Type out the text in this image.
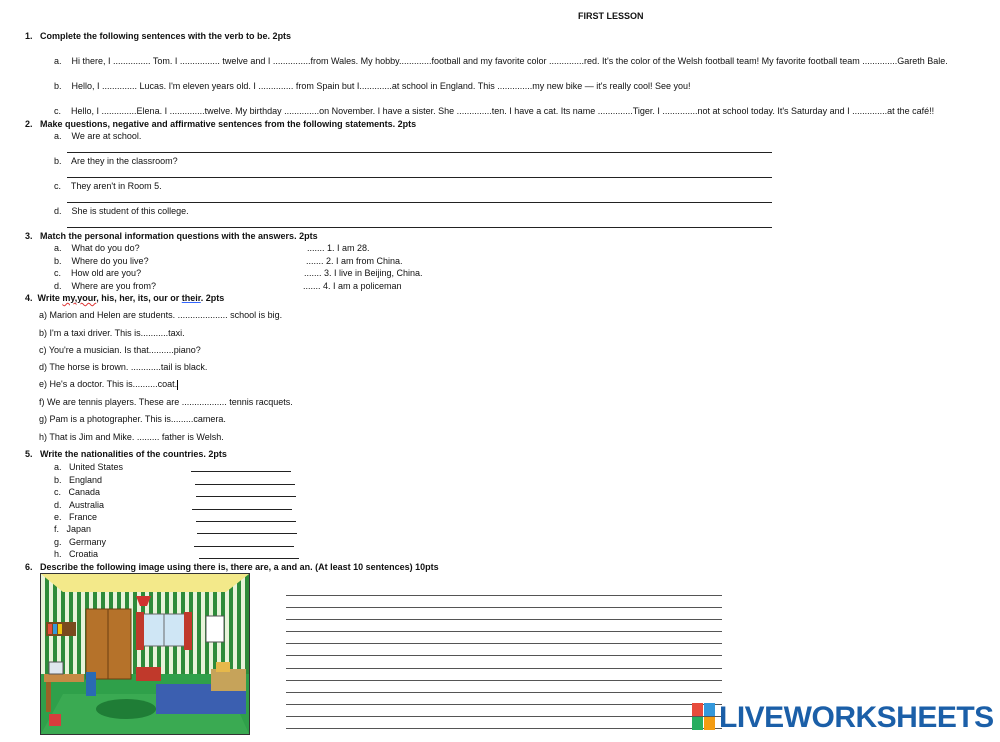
FIRST LESSON
1. Complete the following sentences with the verb to be. 2pts
a. Hi there, I ............... Tom. I ................ twelve and I ...............from Wales. My hobby.............football and my favorite color ..............red. It's the color of the Welsh football team! My favorite football team ..............Gareth Bale.
b. Hello, I .............. Lucas. I'm eleven years old. I .............. from Spain but I.............at school in England. This ..............my new bike — it's really cool! See you!
c. Hello, I ..............Elena. I ..............twelve. My birthday ..............on November. I have a sister. She ..............ten. I have a cat. Its name ..............Tiger. I ..............not at school today. It's Saturday and I ..............at the café!!
2. Make questions, negative and affirmative sentences from the following statements. 2pts
a. We are at school.
b. Are they in the classroom?
c. They aren't in Room 5.
d. She is student of this college.
3. Match the personal information questions with the answers. 2pts
a. What do you do?
b. Where do you live?
c. How old are you?
d. Where are you from?
....... 1. I am 28.
....... 2. I am from China.
....... 3. I live in Beijing, China.
....... 4. I am a policeman
4. Write my,your, his, her, its, our or their. 2pts
a) Marion and Helen are students. .................... school is big.
b) I'm a taxi driver. This is...........taxi.
c) You're a musician. Is that..........piano?
d) The horse is brown. ............tail is black.
e) He's a doctor. This is..........coat.
f) We are tennis players. These are .................. tennis racquets.
g) Pam is a photographer. This is.........camera.
h) That is Jim and Mike. ......... father is Welsh.
5. Write the nationalities of the countries. 2pts
a. United States
b. England
c. Canada
d. Australia
e. France
f. Japan
g. Germany
h. Croatia
6. Describe the following image using there is, there are, a and an. (At least 10 sentences) 10pts
LIVEWORKSHEETS
